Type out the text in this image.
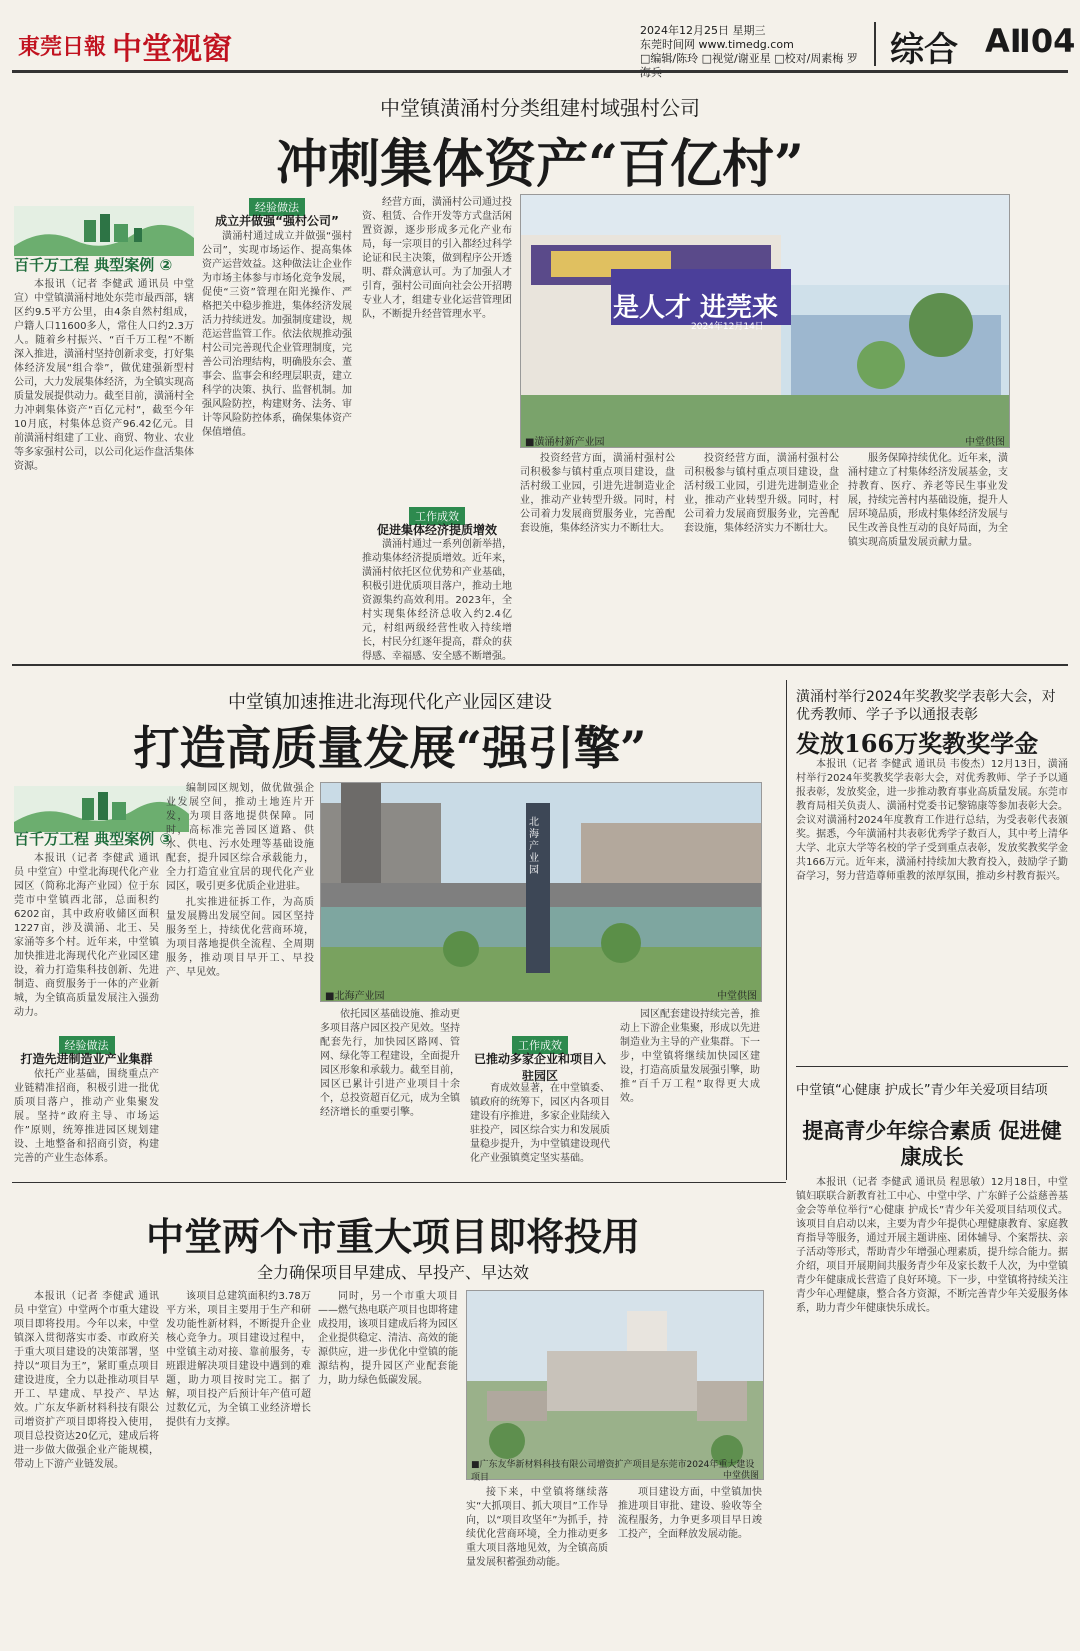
東莞日報 中堂视窗
2024年12月25日 星期三
东莞时间网 www.timedg.com
□编辑/陈玲 □视觉/谢亚星 □校对/周素梅 罗 综合 AⅡ04
中堂镇潢涌村分类组建村域强村公司
冲刺集体资产“百亿村”
百千万工程 典型案例 ②

本报讯（记者 李健武 通讯员 中堂宣）中堂镇潢涌村地处东莞市最西部，辖区约9.5平方公里，由4条自然村组成，户籍人口11600多人，常住人口约2.3万人。随着乡村振兴、“百千万工程”不断深入推进，潢涌村坚持创新求变，打好集体经济发展“组合拳”，做优建强新型村公司，大力发展集体经济，为全镇实现高质量发展提供动力。截至目前，潢涌村全力冲刺集体资产“百亿元村”，截至今年10月底，村集体总资产96.42亿元。目前潢涌村组建了工业、商贸、物业、农业等多家强村公司，以公司化运作盘活集体资源。

经验做法
成立并做强“强村公司”

潢涌村通过成立并做强“强村公司”，实现市场运作、提高集体资产运营效益。这种做法让企业作为市场主体参与市场化竞争发展，促使“三资”管理在阳光操作、严格把关中稳步推进，集体经济发展活力持续迸发。加强制度建设，规范运营监管工作。依法依规推动强村公司完善现代企业管理制度，完善公司治理结构，明确股东会、董事会、监事会和经理层职责，建立科学的决策、执行、监督机制。加强风险防控，构建财务、法务、审计等风险防控体系，确保集体资产保值增值。

经营方面，潢涌村公司通过投资、租赁、合作开发等方式盘活闲置资源，逐步形成多元化产业布局，每一宗项目的引入都经过科学论证和民主决策，做到程序公开透明、群众满意认可。为了加强人才引育，强村公司面向社会公开招聘专业人才，组建专业化运营管理团队，不断提升经营管理水平。

工作成效
促进集体经济提质增效

潢涌村通过一系列创新举措，推动集体经济提质增效。近年来，潢涌村依托区位优势和产业基础，积极引进优质项目落户，推动土地资源集约高效利用。2023年，全村实现集体经济总收入约2.4亿元，村组两级经营性收入持续增长，村民分红逐年提高，群众的获得感、幸福感、安全感不断增强。

是人才 进莞来
2024年12月14日
■潢涌村新产业园	中堂供图

投资经营方面，潢涌村强村公司积极参与镇村重点项目建设，盘活村级工业园，引进先进制造业企业，推动产业转型升级。同时，村公司着力发展商贸服务业，完善配套设施，集体经济实力不断壮大。

投资经营方面，潢涌村强村公司积极参与镇村重点项目建设，盘活村级工业园，引进先进制造业企业，推动产业转型升级。同时，村公司着力发展商贸服务业，完善配套设施，集体经济实力不断壮大。

服务保障持续优化。近年来，潢涌村建立了村集体经济发展基金，支持教育、医疗、养老等民生事业发展，持续完善村内基础设施，提升人居环境品质，形成村集体经济发展与民生改善良性互动的良好局面，为全镇实现高质量发展贡献力量。

中堂镇加速推进北海现代化产业园区建设
打造高质量发展“强引擎”
百千万工程 典型案例 ③

本报讯（记者 李健武 通讯员 中堂宣）中堂北海现代化产业园区（简称北海产业园）位于东莞市中堂镇西北部，总面积约6202亩，其中政府收储区面积1227亩，涉及潢涌、北王、吴家涌等多个村。近年来，中堂镇加快推进北海现代化产业园区建设，着力打造集科技创新、先进制造、商贸服务于一体的产业新城，为全镇高质量发展注入强劲动力。

经验做法
打造先进制造业产业集群

依托产业基础，围绕重点产业链精准招商，积极引进一批优质项目落户，推动产业集聚发展。坚持“政府主导、市场运作”原则，统筹推进园区规划建设、土地整备和招商引资，构建完善的产业生态体系。

编制园区规划，做优做强企业发展空间，推动土地连片开发，为项目落地提供保障。同时，高标准完善园区道路、供水、供电、污水处理等基础设施配套，提升园区综合承载能力，全力打造宜业宜居的现代化产业园区，吸引更多优质企业进驻。

扎实推进征拆工作，为高质量发展腾出发展空间。园区坚持服务至上，持续优化营商环境，为项目落地提供全流程、全周期服务，推动项目早开工、早投产、早见效。

北海产业园
■北海产业园	中堂供图

依托园区基础设施、推动更多项目落户园区投产见效。坚持配套先行，加快园区路网、管网、绿化等工程建设，全面提升园区形象和承载力。截至目前，园区已累计引进产业项目十余个，总投资超百亿元，成为全镇经济增长的重要引擎。

工作成效
已推动多家企业和项目入驻园区

育成效显著，在中堂镇委、镇政府的统筹下，园区内各项目建设有序推进，多家企业陆续入驻投产，园区综合实力和发展质量稳步提升，为中堂镇建设现代化产业强镇奠定坚实基础。

园区配套建设持续完善，推动上下游企业集聚，形成以先进制造业为主导的产业集群。下一步，中堂镇将继续加快园区建设，打造高质量发展强引擎，助推“百千万工程”取得更大成效。

潢涌村举行2024年奖教奖学表彰大会，对优秀教师、学子予以通报表彰
发放166万奖教奖学金

本报讯（记者 李健武 通讯员 韦俊杰）12月13日，潢涌村举行2024年奖教奖学表彰大会，对优秀教师、学子予以通报表彰，发放奖金，进一步推动教育事业高质量发展。东莞市教育局相关负责人、潢涌村党委书记黎锦康等参加表彰大会。会议对潢涌村2024年度教育工作进行总结，为受表彰代表颁奖。据悉，今年潢涌村共表彰优秀学子数百人，其中考上清华大学、北京大学等名校的学子受到重点表彰，发放奖教奖学金共166万元。近年来，潢涌村持续加大教育投入，鼓励学子勤奋学习，努力营造尊师重教的浓厚氛围，推动乡村教育振兴。

中堂镇“心健康 护成长”青少年关爱项目结项
提高青少年综合素质 促进健康成长

本报讯（记者 李健武 通讯员 程思敏）12月18日，中堂镇妇联联合新教育社工中心、中堂中学、广东鲜子公益慈善基金会等单位举行“心健康 护成长”青少年关爱项目结项仪式。该项目自启动以来，主要为青少年提供心理健康教育、家庭教育指导等服务，通过开展主题讲座、团体辅导、个案帮扶、亲子活动等形式，帮助青少年增强心理素质，提升综合能力。据介绍，项目开展期间共服务青少年及家长数千人次，为中堂镇青少年健康成长营造了良好环境。下一步，中堂镇将持续关注青少年心理健康，整合各方资源，不断完善青少年关爱服务体系，助力青少年健康快乐成长。

中堂两个市重大项目即将投用
全力确保项目早建成、早投产、早达效

本报讯（记者 李健武 通讯员 中堂宣）中堂两个市重大建设项目即将投用。今年以来，中堂镇深入贯彻落实市委、市政府关于重大项目建设的决策部署，坚持以“项目为王”，紧盯重点项目建设进度，全力以赴推动项目早开工、早建成、早投产、早达效。广东友华新材料科技有限公司增资扩产项目即将投入使用，项目总投资达20亿元，建成后将进一步做大做强企业产能规模，带动上下游产业链发展。

该项目总建筑面积约3.78万平方米，项目主要用于生产和研发功能性新材料，不断提升企业核心竞争力。项目建设过程中，中堂镇主动对接、靠前服务，专班跟进解决项目建设中遇到的难题，助力项目按时完工。据了解，项目投产后预计年产值可超过数亿元，为全镇工业经济增长提供有力支撑。

同时，另一个市重大项目——燃气热电联产项目也即将建成投用，该项目建成后将为园区企业提供稳定、清洁、高效的能源供应，进一步优化中堂镇的能源结构，提升园区产业配套能力，助力绿色低碳发展。

■广东友华新材料科技有限公司增资扩产项目是东莞市2024年重大建设项目	中堂供图

接下来，中堂镇将继续落实“大抓项目、抓大项目”工作导向，以“项目攻坚年”为抓手，持续优化营商环境，全力推动更多重大项目落地见效，为全镇高质量发展积蓄强劲动能。

项目建设方面，中堂镇加快推进项目审批、建设、验收等全流程服务，力争更多项目早日竣工投产，全面释放发展动能。
